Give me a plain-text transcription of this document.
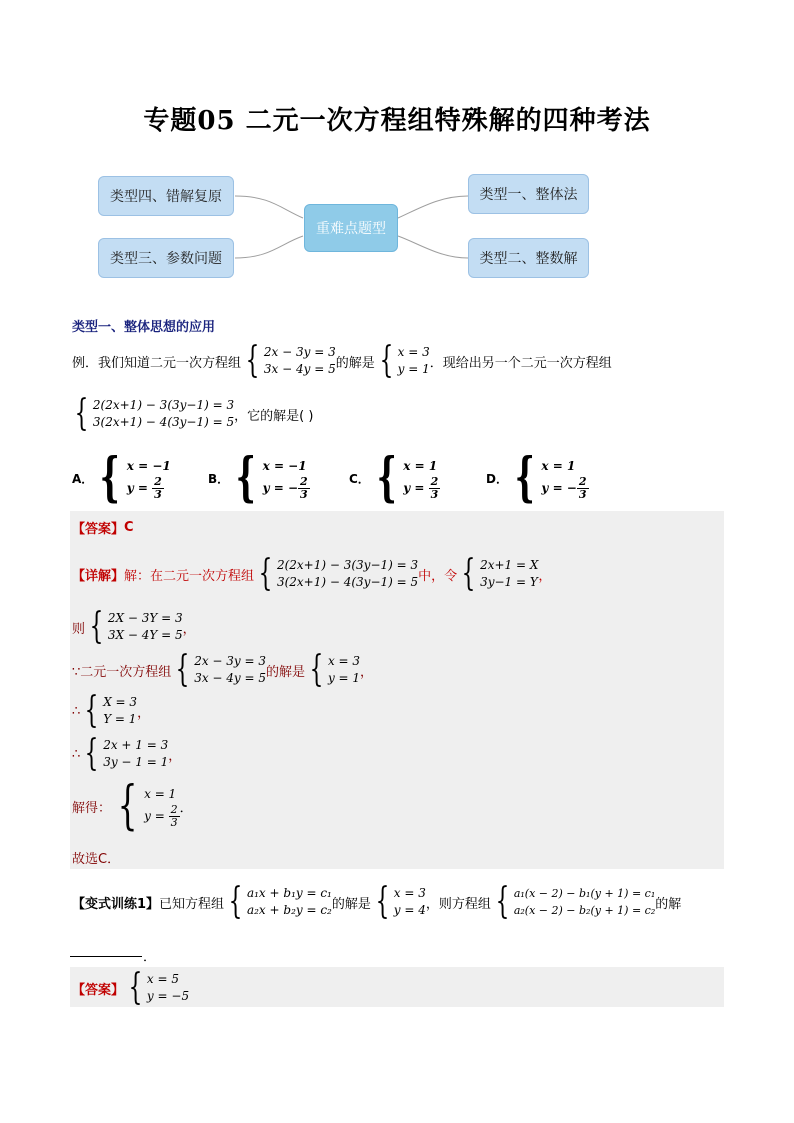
专题05 二元一次方程组特殊解的四种考法
类型四、错解复原
类型三、参数问题
重难点题型
类型一、整体法
类型二、整数解
类型一、整体思想的应用
例．我们知道二元一次方程组 { 2x − 3y = 3
3x − 4y = 5 的解是 { x = 3
y = 1 ．现给出另一个二元一次方程组
{ 2(2x+1) − 3(3y−1) = 3
3(2x+1) − 4(3y−1) = 5 ，它的解是( )
A． { x = −1
$y = \frac{2}{3}$	B． { x = −1
y = − $\frac{2}{3}$	C． { x = 1
$y = \frac{2}{3}$	D． { x = 1
y = − $\frac{2}{3}$
【答案】 C
【详解】 解：在二元一次方程组 { 2(2x+1) − 3(3y−1) = 3
3(2x+1) − 4(3y−1) = 5 中，令 { 2x+1 = X
3y−1 = Y ，
则 { 2X − 3Y = 3
3X − 4Y = 5 ，
∵二元一次方程组 { 2x − 3y = 3
3x − 4y = 5 的解是 { x = 3
y = 1 ，
∴ { X = 3
Y = 1 ，
∴ { 2x + 1 = 3
3y − 1 = 1 ，
解得： { x = 1
$y = \frac{2}{3}$ ．
故选C．
【变式训练1】 已知方程组 { a₁x + b₁y = c₁
a₂x + b₂y = c₂ 的解是 { x = 3
y = 4 ，则方程组 { a₁(x − 2) − b₁(y + 1) = c₁
a₂(x − 2) − b₂(y + 1) = c₂ 的解
．
【答案】 { x = 5
y = −5
